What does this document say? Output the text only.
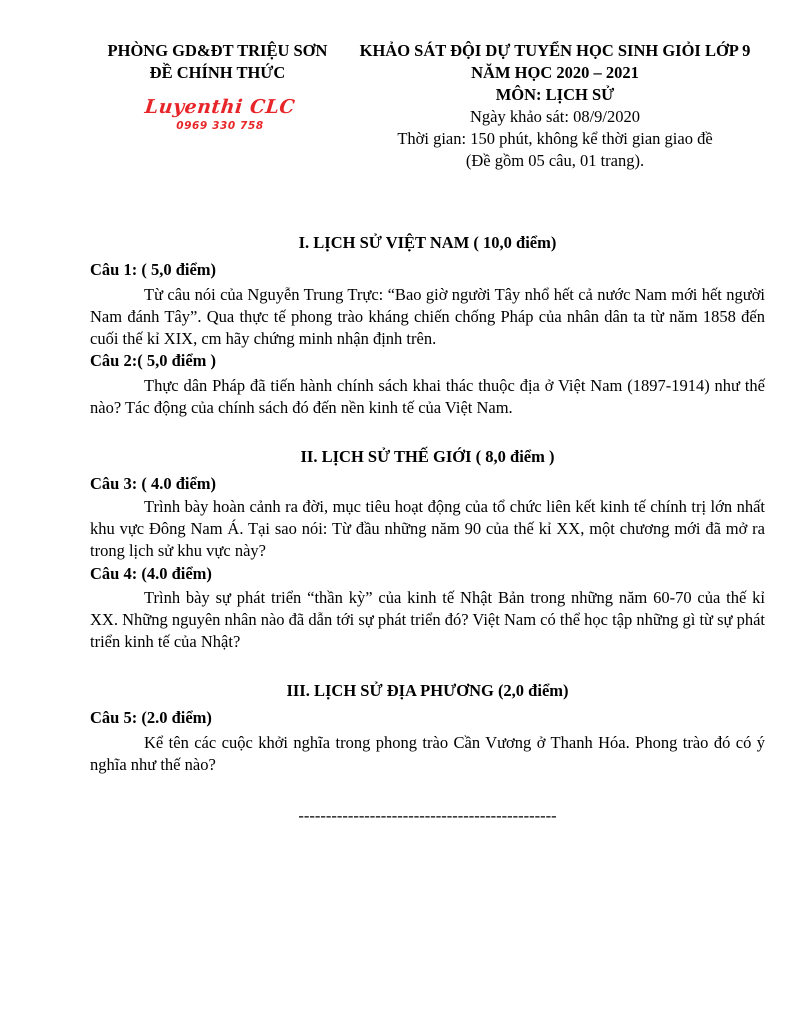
PHÒNG GD&ĐT TRIỆU SƠN
ĐỀ CHÍNH THỨC
Luyenthi CLC
0969 330 758
KHẢO SÁT ĐỘI DỰ TUYỂN HỌC SINH GIỎI LỚP 9
NĂM HỌC 2020 – 2021
MÔN: LỊCH SỬ
Ngày khảo sát: 08/9/2020
Thời gian: 150 phút, không kể thời gian giao đề
(Đề gồm 05 câu, 01 trang).
I. LỊCH SỬ VIỆT NAM ( 10,0 điểm)
Câu 1: ( 5,0 điểm)
Từ câu nói của Nguyễn Trung Trực: “Bao giờ người Tây nhổ hết cả nước Nam mới hết người Nam đánh Tây”. Qua thực tế phong trào kháng chiến chống Pháp của nhân dân ta từ năm 1858 đến cuối thế kỉ XIX, cm hãy chứng minh nhận định trên.
Câu 2:( 5,0 điểm )
Thực dân Pháp đã tiến hành chính sách khai thác thuộc địa ở Việt Nam (1897-1914) như thế nào? Tác động của chính sách đó đến nền kinh tế của Việt Nam.
II. LỊCH SỬ THẾ GIỚI ( 8,0 điểm )
Câu 3: ( 4.0 điểm)
Trình bày hoàn cảnh ra đời, mục tiêu hoạt động của tổ chức liên kết kinh tế chính trị lớn nhất khu vực Đông Nam Á. Tại sao nói: Từ đầu những năm 90 của thế kỉ XX, một chương mới đã mở ra trong lịch sử khu vực này?
Câu 4: (4.0 điểm)
Trình bày sự phát triển “thần kỳ” của kinh tế Nhật Bản trong những năm 60-70 của thế kỉ XX. Những nguyên nhân nào đã dẫn tới sự phát triển đó? Việt Nam có thể học tập những gì từ sự phát triển kinh tế của Nhật?
III. LỊCH SỬ ĐỊA PHƯƠNG (2,0 điểm)
Câu 5: (2.0 điểm)
Kể tên các cuộc khởi nghĩa trong phong trào Cần Vương ở Thanh Hóa. Phong trào đó có ý nghĩa như thế nào?
-----------------------------------------------
